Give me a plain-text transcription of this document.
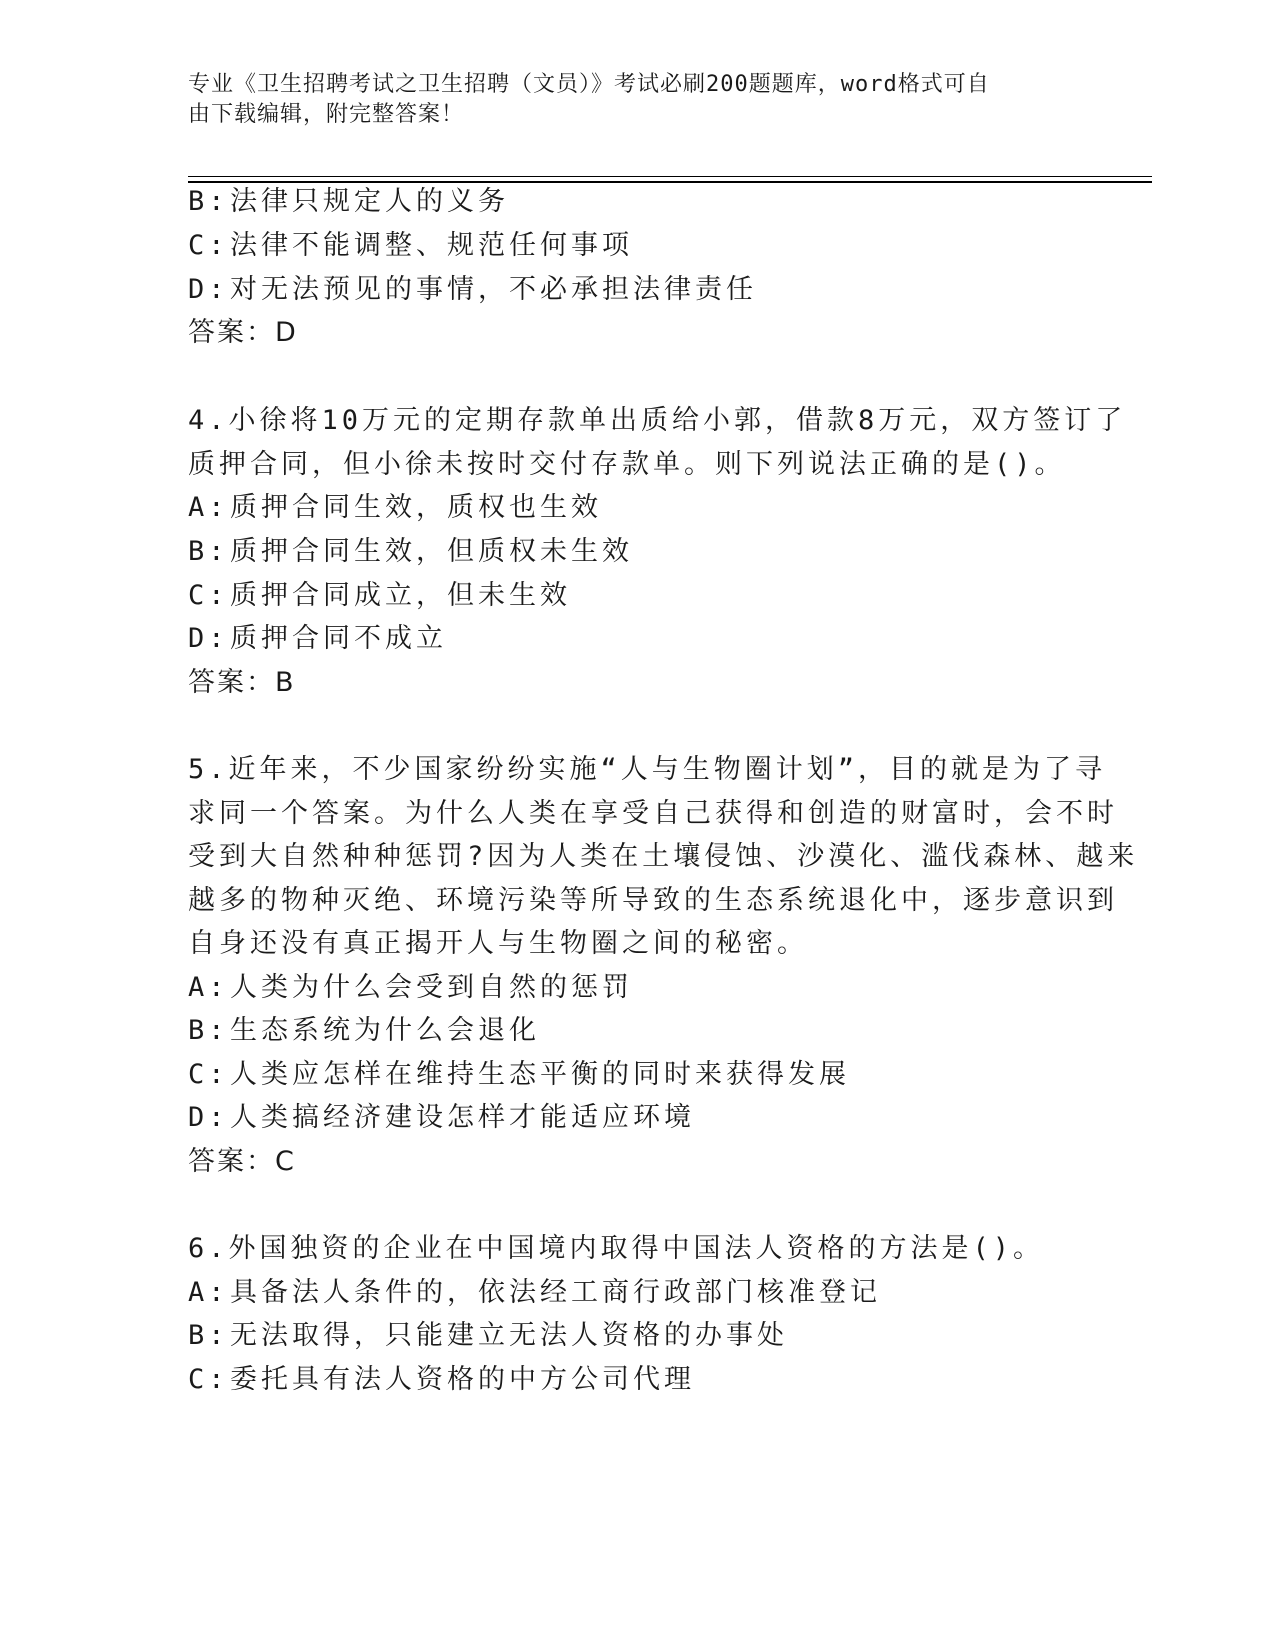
专业《卫生招聘考试之卫生招聘（文员）》考试必刷200题题库，word格式可自
由下载编辑，附完整答案！
B:法律只规定人的义务
C:法律不能调整、规范任何事项
D:对无法预见的事情，不必承担法律责任
答案：D
4.小徐将10万元的定期存款单出质给小郭，借款8万元，双方签订了
质押合同，但小徐未按时交付存款单。则下列说法正确的是()。
A:质押合同生效，质权也生效
B:质押合同生效，但质权未生效
C:质押合同成立，但未生效
D:质押合同不成立
答案：B
5.近年来，不少国家纷纷实施“人与生物圈计划”，目的就是为了寻
求同一个答案。为什么人类在享受自己获得和创造的财富时，会不时
受到大自然种种惩罚?因为人类在土壤侵蚀、沙漠化、滥伐森林、越来
越多的物种灭绝、环境污染等所导致的生态系统退化中，逐步意识到
自身还没有真正揭开人与生物圈之间的秘密。
A:人类为什么会受到自然的惩罚
B:生态系统为什么会退化
C:人类应怎样在维持生态平衡的同时来获得发展
D:人类搞经济建设怎样才能适应环境
答案：C
6.外国独资的企业在中国境内取得中国法人资格的方法是()。
A:具备法人条件的，依法经工商行政部门核准登记
B:无法取得，只能建立无法人资格的办事处
C:委托具有法人资格的中方公司代理
